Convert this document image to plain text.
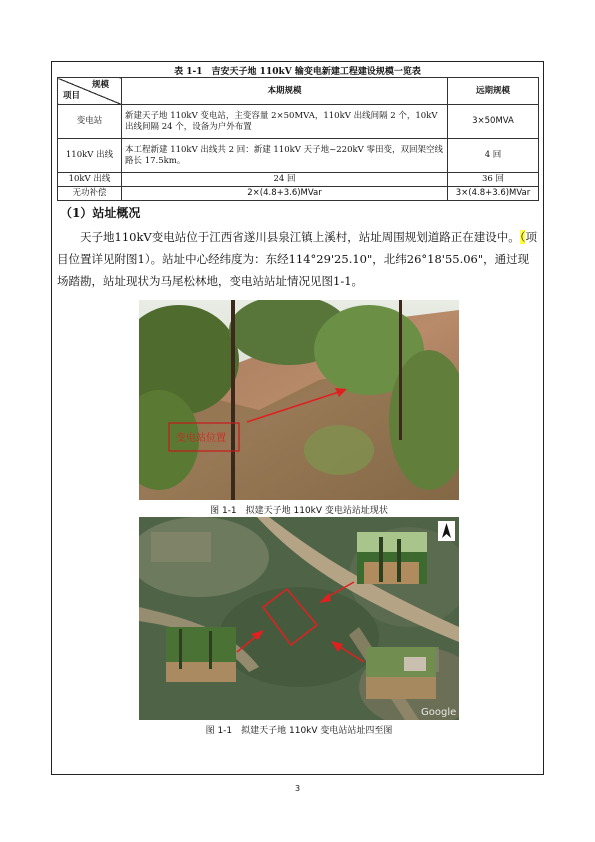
表 1-1　吉安天子地 110kV 输变电新建工程建设规模一览表
规模
项目	本期规模	远期规模
变电站	新建天子地 110kV 变电站，主变容量 2×50MVA，110kV 出线间隔 2 个，10kV 出线间隔 24 个，设备为户外布置	3×50MVA
110kV 出线	本工程新建 110kV 出线共 2 回：新建 110kV 天子地~220kV 零田变，双回架空线路长 17.5km。	4 回
10kV 出线	24 回	36 回
无功补偿	2×(4.8+3.6)MVar	3×(4.8+3.6)MVar
（1）站址概况

天子地110kV变电站位于江西省遂川县泉江镇上溪村，站址周围规划道路正在建设中。（项目位置详见附图1）。站址中心经纬度为：东经114°29'25.10"，北纬26°18'55.06"，通过现场踏勘，站址现状为马尾松林地，变电站站址情况见图1-1。

变电站位置
图 1-1　拟建天子地 110kV 变电站站址现状
Google
图 1-1　拟建天子地 110kV 变电站站址四至图
3
